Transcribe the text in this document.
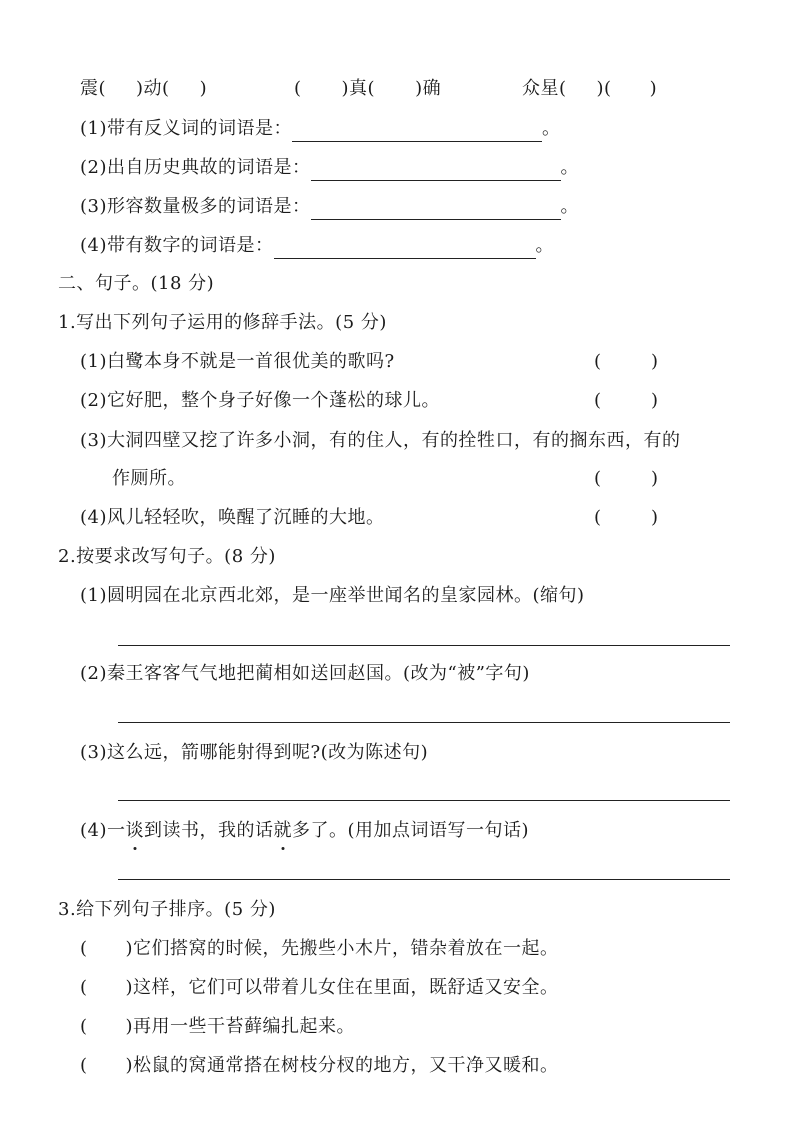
震( )动( )	( )真( )确	众星( )( )
(1)带有反义词的词语是：	。
(2)出自历史典故的词语是：	。
(3)形容数量极多的词语是：	。
(4)带有数字的词语是：	。
二、句子。(18 分)
1.写出下列句子运用的修辞手法。(5 分)
(1)白鹭本身不就是一首很优美的歌吗?	(	)
(2)它好肥，整个身子好像一个蓬松的球儿。	(	)
(3)大洞四壁又挖了许多小洞，有的住人，有的拴牲口，有的搁东西，有的
作厕所。	(	)
(4)风儿轻轻吹，唤醒了沉睡的大地。	(	)
2.按要求改写句子。(8 分)
(1)圆明园在北京西北郊，是一座举世闻名的皇家园林。(缩句)
(2)秦王客客气气地把蔺相如送回赵国。(改为“被”字句)
(3)这么远，箭哪能射得到呢?(改为陈述句)
(4)一谈到读书，我的话就多了。(用加点词语写一句话)
3.给下列句子排序。(5 分)
( )它们搭窝的时候，先搬些小木片，错杂着放在一起。
( )这样，它们可以带着儿女住在里面，既舒适又安全。
( )再用一些干苔藓编扎起来。
( )松鼠的窝通常搭在树枝分杈的地方，又干净又暖和。
